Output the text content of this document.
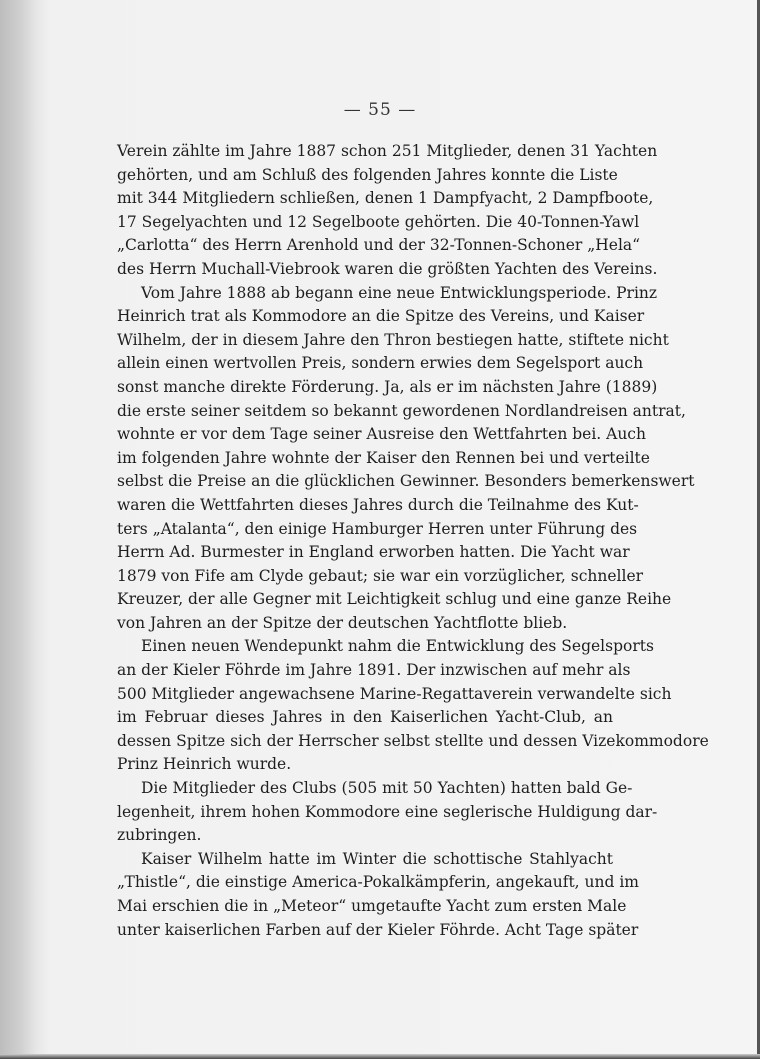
— 55 —

Verein zählte im Jahre 1887 schon 251 Mitglieder, denen 31 Yachten
gehörten, und am Schluß des folgenden Jahres konnte die Liste
mit 344 Mitgliedern schließen, denen 1 Dampfyacht, 2 Dampfboote,
17 Segelyachten und 12 Segelboote gehörten. Die 40-Tonnen-Yawl
„Carlotta“ des Herrn Arenhold und der 32-Tonnen-Schoner „Hela“
des Herrn Muchall-Viebrook waren die größten Yachten des Vereins.

Vom Jahre 1888 ab begann eine neue Entwicklungsperiode. Prinz
Heinrich trat als Kommodore an die Spitze des Vereins, und Kaiser
Wilhelm, der in diesem Jahre den Thron bestiegen hatte, stiftete nicht
allein einen wertvollen Preis, sondern erwies dem Segelsport auch
sonst manche direkte Förderung. Ja, als er im nächsten Jahre (1889)
die erste seiner seitdem so bekannt gewordenen Nordlandreisen antrat,
wohnte er vor dem Tage seiner Ausreise den Wettfahrten bei. Auch
im folgenden Jahre wohnte der Kaiser den Rennen bei und verteilte
selbst die Preise an die glücklichen Gewinner. Besonders bemerkenswert
waren die Wettfahrten dieses Jahres durch die Teilnahme des Kut-
ters „Atalanta“, den einige Hamburger Herren unter Führung des
Herrn Ad. Burmester in England erworben hatten. Die Yacht war
1879 von Fife am Clyde gebaut; sie war ein vorzüglicher, schneller
Kreuzer, der alle Gegner mit Leichtigkeit schlug und eine ganze Reihe
von Jahren an der Spitze der deutschen Yachtflotte blieb.

Einen neuen Wendepunkt nahm die Entwicklung des Segelsports
an der Kieler Föhrde im Jahre 1891. Der inzwischen auf mehr als
500 Mitglieder angewachsene Marine-Regattaverein verwandelte sich
im Februar dieses Jahres in den Kaiserlichen Yacht-Club, an
dessen Spitze sich der Herrscher selbst stellte und dessen Vizekommodore
Prinz Heinrich wurde.

Die Mitglieder des Clubs (505 mit 50 Yachten) hatten bald Ge-
legenheit, ihrem hohen Kommodore eine seglerische Huldigung dar-
zubringen.

Kaiser Wilhelm hatte im Winter die schottische Stahlyacht
„Thistle“, die einstige America-Pokalkämpferin, angekauft, und im
Mai erschien die in „Meteor“ umgetaufte Yacht zum ersten Male
unter kaiserlichen Farben auf der Kieler Föhrde. Acht Tage später
